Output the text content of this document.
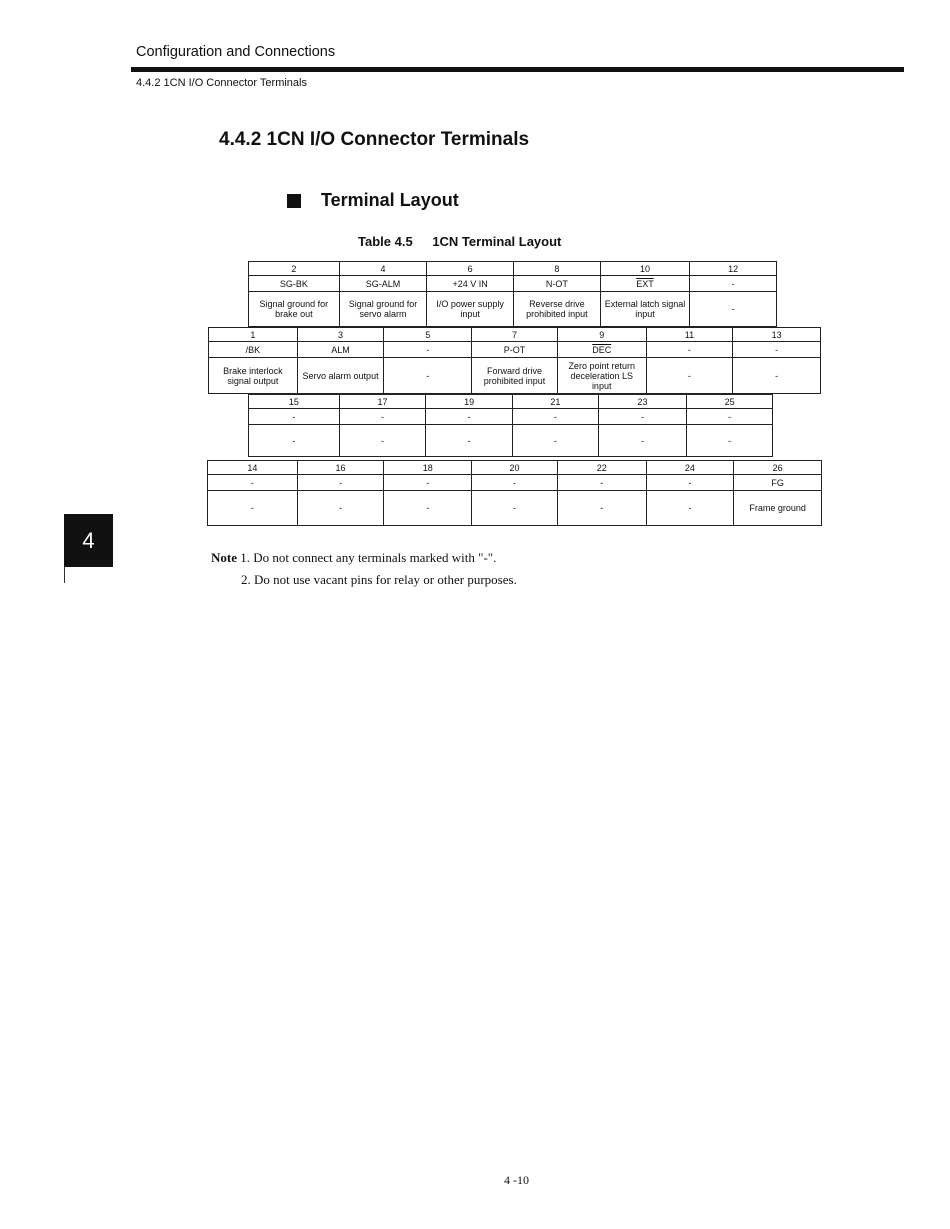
Configuration and Connections
4.4.2 1CN I/O Connector Terminals
4.4.2 1CN I/O Connector Terminals
Terminal Layout
Table 4.5 1CN Terminal Layout
2
SG-BK
Signal ground for brake out
4
SG-ALM
Signal ground for servo alarm
6
+24 V IN
I/O power supply input
8
N-OT
Reverse drive prohibited input
10
$\overline{EXT}$
External latch signal input
12
-
-
1
/BK
Brake interlock signal output
3
ALM
Servo alarm output
5
-
-
7
P-OT
Forward drive prohibited input
9
$\overline{DEC}$
Zero point return deceleration LS input
11
-
-
13
-
-
15
-
-
17
-
-
19
-
-
21
-
-
23
-
-
25
-
-
14
-
-
16
-
-
18
-
-
20
-
-
22
-
-
24
-
-
26
FG
Frame ground
4
Note 1. Do not connect any terminals marked with "-".
2. Do not use vacant pins for relay or other purposes.
4 -10
